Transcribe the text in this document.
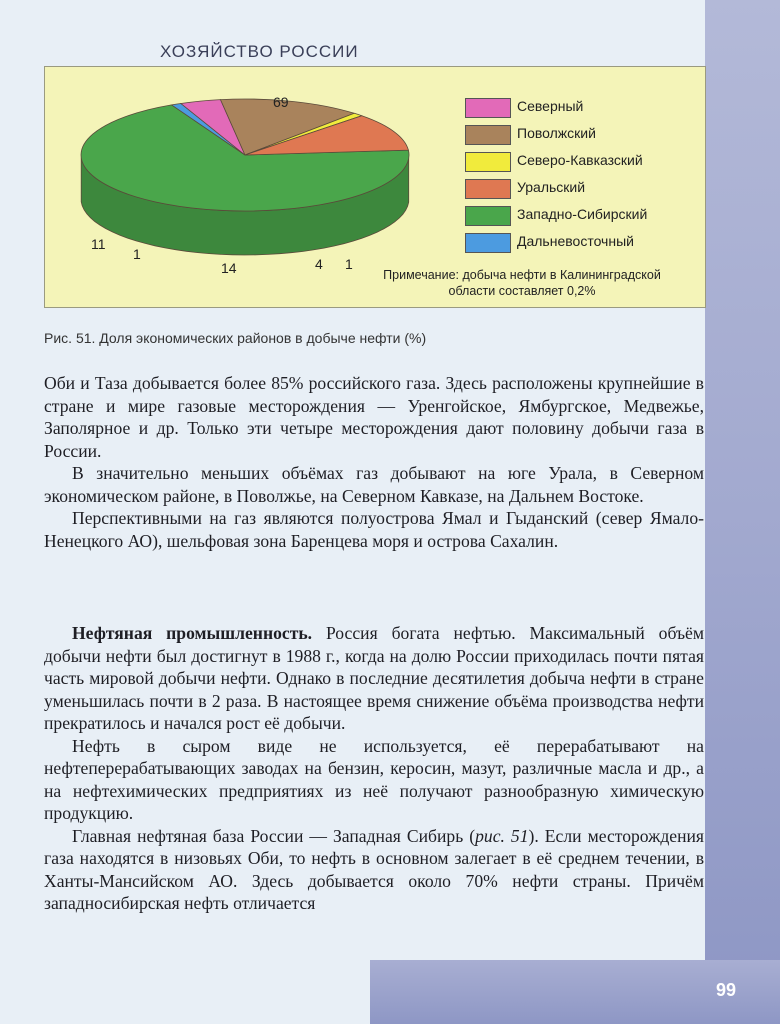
ХОЗЯЙСТВО РОССИИ
4
14
1
11
69
1
Северный
Поволжский
Северо-Кавказский
Уральский
Западно-Сибирский
Дальневосточный
Примечание: добыча нефти в Калининградской области составляет 0,2%
Рис. 51. Доля экономических районов в добыче нефти (%)

Оби и Таза добывается более 85% российского газа. Здесь расположены крупнейшие в стране и мире газовые месторождения — Уренгойское, Ямбургское, Медвежье, Заполярное и др. Только эти четыре месторождения дают половину добычи газа в России.

В значительно меньших объёмах газ добывают на юге Урала, в Северном экономическом районе, в Поволжье, на Северном Кавказе, на Дальнем Востоке.

Перспективными на газ являются полуострова Ямал и Гыданский (север Ямало-Ненецкого АО), шельфовая зона Баренцева моря и острова Сахалин.

Нефтяная промышленность. Россия богата нефтью. Максимальный объём добычи нефти был достигнут в 1988 г., когда на долю России приходилась почти пятая часть мировой добычи нефти. Однако в последние десятилетия добыча нефти в стране уменьшилась почти в 2 раза. В настоящее время снижение объёма производства нефти прекратилось и начался рост её добычи.

Нефть в сыром виде не используется, её перерабатывают на нефтеперерабатывающих заводах на бензин, керосин, мазут, различные масла и др., а на нефтехимических предприятиях из неё получают разнообразную химическую продукцию.

Главная нефтяная база России — Западная Сибирь (рис. 51). Если месторождения газа находятся в низовьях Оби, то нефть в основном залегает в её среднем течении, в Ханты-Мансийском АО. Здесь добывается около 70% нефти страны. Причём западносибирская нефть отличается

99
